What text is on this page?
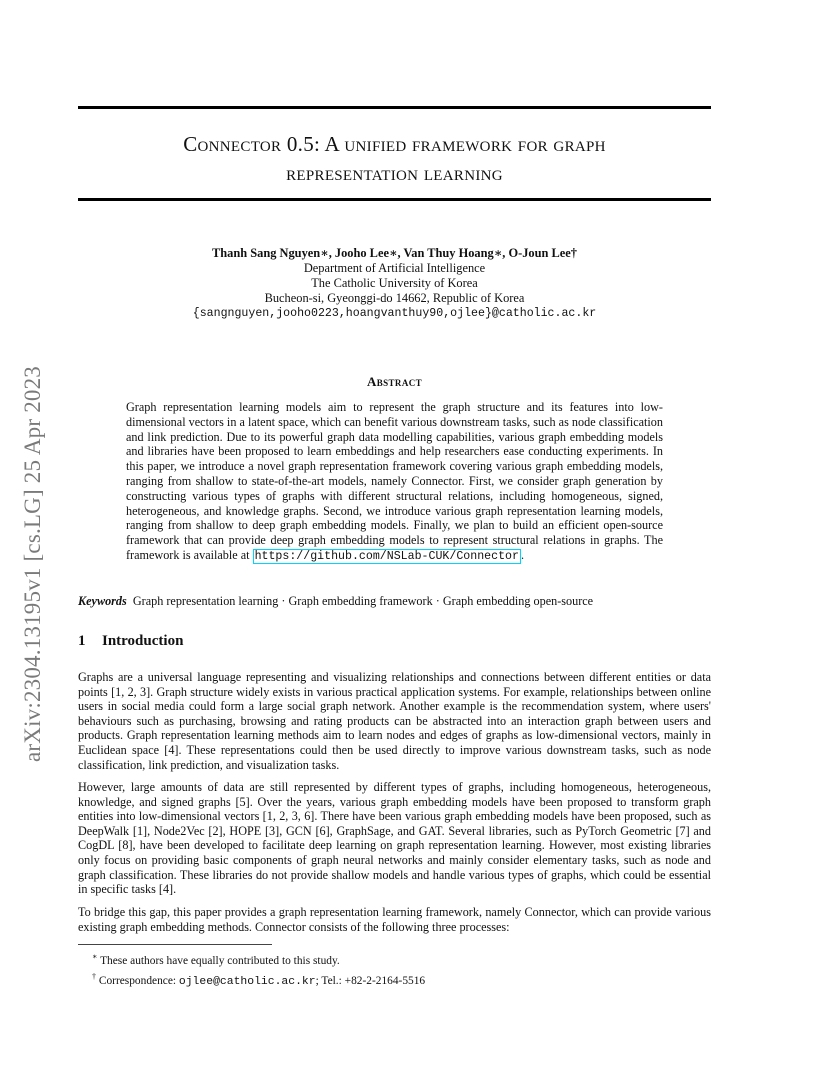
arXiv:2304.13195v1 [cs.LG] 25 Apr 2023
Connector 0.5: A unified framework for graph
representation learning
Thanh Sang Nguyen∗, Jooho Lee∗, Van Thuy Hoang∗, O-Joun Lee†
Department of Artificial Intelligence
The Catholic University of Korea
Bucheon-si, Gyeonggi-do 14662, Republic of Korea
{sangnguyen,jooho0223,hoangvanthuy90,ojlee}@catholic.ac.kr
Abstract
Graph representation learning models aim to represent the graph structure and its features into low-dimensional vectors in a latent space, which can benefit various downstream tasks, such as node classification and link prediction. Due to its powerful graph data modelling capabilities, various graph embedding models and libraries have been proposed to learn embeddings and help researchers ease conducting experiments. In this paper, we introduce a novel graph representation framework covering various graph embedding models, ranging from shallow to state-of-the-art models, namely Connector. First, we consider graph generation by constructing various types of graphs with different structural relations, including homogeneous, signed, heterogeneous, and knowledge graphs. Second, we introduce various graph representation learning models, ranging from shallow to deep graph embedding models. Finally, we plan to build an efficient open-source framework that can provide deep graph embedding models to represent structural relations in graphs. The framework is available at https://github.com/NSLab-CUK/Connector .
Keywords Graph representation learning · Graph embedding framework · Graph embedding open-source
1 Introduction
Graphs are a universal language representing and visualizing relationships and connections between different entities or data points [1, 2, 3]. Graph structure widely exists in various practical application systems. For example, relationships between online users in social media could form a large social graph network. Another example is the recommendation system, where users' behaviours such as purchasing, browsing and rating products can be abstracted into an interaction graph between users and products. Graph representation learning methods aim to learn nodes and edges of graphs as low-dimensional vectors, mainly in Euclidean space [4]. These representations could then be used directly to improve various downstream tasks, such as node classification, link prediction, and visualization tasks.
However, large amounts of data are still represented by different types of graphs, including homogeneous, heterogeneous, knowledge, and signed graphs [5]. Over the years, various graph embedding models have been proposed to transform graph entities into low-dimensional vectors [1, 2, 3, 6]. There have been various graph embedding models have been proposed, such as DeepWalk [1], Node2Vec [2], HOPE [3], GCN [6], GraphSage, and GAT. Several libraries, such as PyTorch Geometric [7] and CogDL [8], have been developed to facilitate deep learning on graph representation learning. However, most existing libraries only focus on providing basic components of graph neural networks and mainly consider elementary tasks, such as node and graph classification. These libraries do not provide shallow models and handle various types of graphs, which could be essential in specific tasks [4].
To bridge this gap, this paper provides a graph representation learning framework, namely Connector, which can provide various existing graph embedding methods. Connector consists of the following three processes:
∗ These authors have equally contributed to this study.
† Correspondence: ojlee@catholic.ac.kr; Tel.: +82-2-2164-5516
